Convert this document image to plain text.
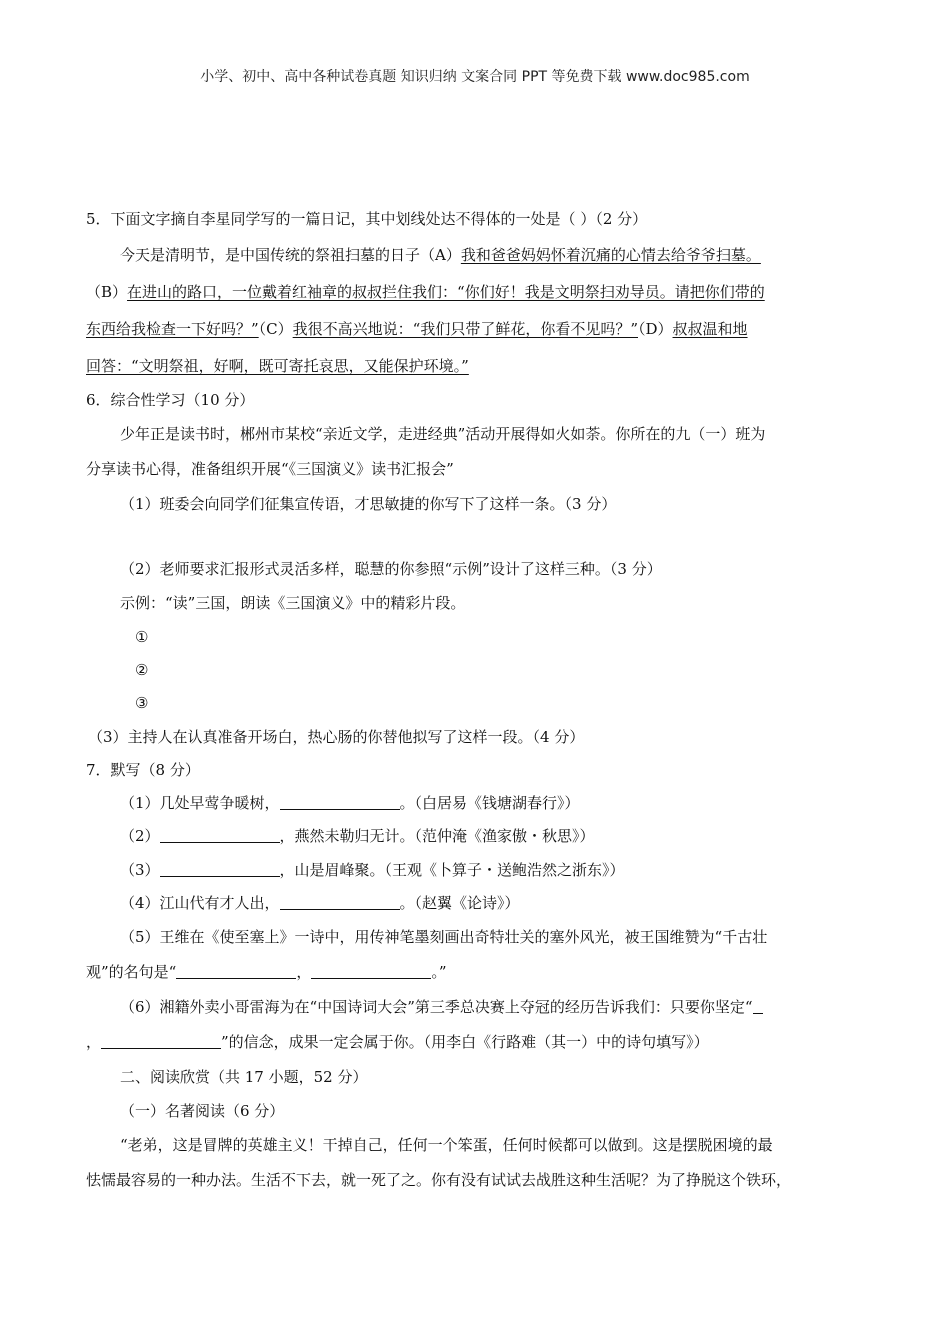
小学、初中、高中各种试卷真题 知识归纳 文案合同 PPT 等免费下载 www.doc985.com
5．下面文字摘自李星同学写的一篇日记，其中划线处达不得体的一处是（ ）（2 分）
今天是清明节，是中国传统的祭祖扫墓的日子（A）我和爸爸妈妈怀着沉痛的心情去给爷爷扫墓。
（B）在进山的路口，一位戴着红袖章的叔叔拦住我们：“你们好！我是文明祭扫劝导员。请把你们带的
东西给我检查一下好吗？”（C）我很不高兴地说：“我们只带了鲜花，你看不见吗？”（D）叔叔温和地
回答：“文明祭祖，好啊，既可寄托哀思，又能保护环境。”
6．综合性学习（10 分）
少年正是读书时，郴州市某校“亲近文学，走进经典”活动开展得如火如荼。你所在的九（一）班为
分享读书心得，准备组织开展“《三国演义》读书汇报会”
（1）班委会向同学们征集宣传语，才思敏捷的你写下了这样一条。（3 分）
（2）老师要求汇报形式灵活多样，聪慧的你参照“示例”设计了这样三种。（3 分）
示例：“读”三国，朗读《三国演义》中的精彩片段。
①
②
③
（3）主持人在认真准备开场白，热心肠的你替他拟写了这样一段。（4 分）
7．默写（8 分）
（1）几处早莺争暖树，	。（白居易《钱塘湖春行》）
（2）	，燕然未勒归无计。（范仲淹《渔家傲・秋思》）
（3）	，山是眉峰聚。（王观《卜算子・送鲍浩然之浙东》）
（4）江山代有才人出，	。（赵翼《论诗》）
（5）王维在《使至塞上》一诗中，用传神笔墨刻画出奇特壮关的塞外风光，被王国维赞为“千古壮
观”的名句是“	，	。”
（6）湘籍外卖小哥雷海为在“中国诗词大会”第三季总决赛上夺冠的经历告诉我们：只要你坚定“
，	”的信念，成果一定会属于你。（用李白《行路难（其一）中的诗句填写》）
二、阅读欣赏（共 17 小题，52 分）
（一）名著阅读（6 分）
“老弟，这是冒牌的英雄主义！干掉自己，任何一个笨蛋，任何时候都可以做到。这是摆脱困境的最
怯懦最容易的一种办法。生活不下去，就一死了之。你有没有试试去战胜这种生活呢？为了挣脱这个铁环，
